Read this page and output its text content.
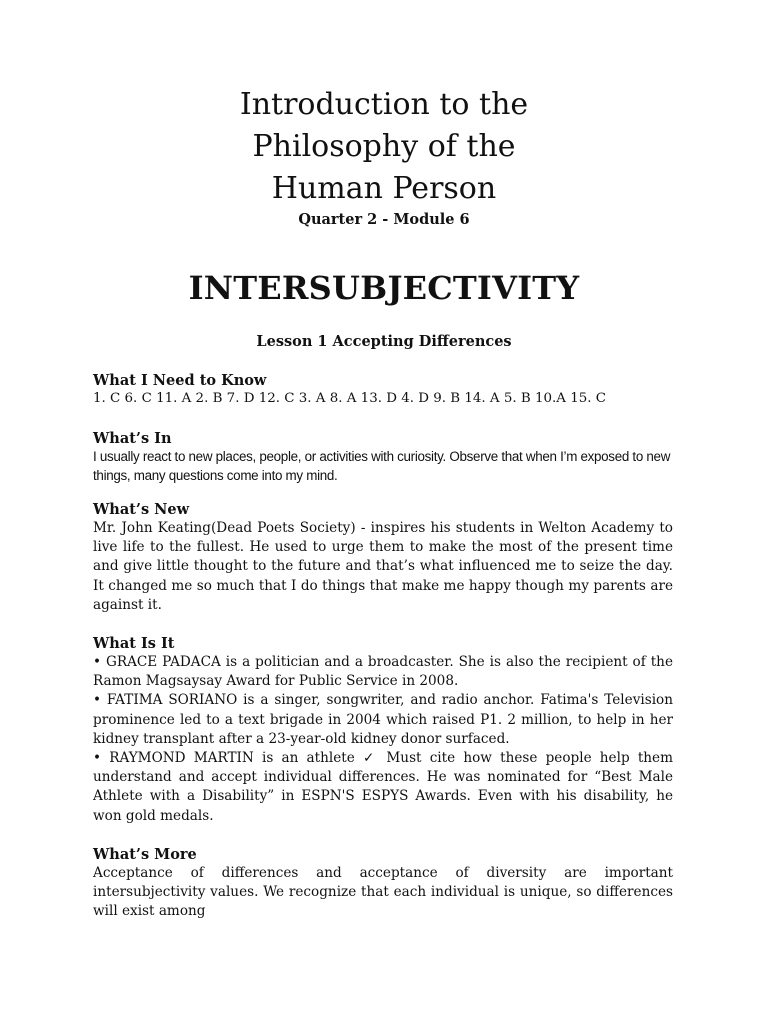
Introduction to the
Philosophy of the
Human Person
Quarter 2 - Module 6
INTERSUBJECTIVITY
Lesson 1 Accepting Differences

What I Need to Know

1. C 6. C 11. A 2. B 7. D 12. C 3. A 8. A 13. D 4. D 9. B 14. A 5. B 10.A 15. C

What’s In

I usually react to new places, people, or activities with curiosity. Observe that when I’m exposed to new things, many questions come into my mind.

What’s New

Mr. John Keating(Dead Poets Society) - inspires his students in Welton Academy to live life to the fullest. He used to urge them to make the most of the present time and give little thought to the future and that’s what influenced me to seize the day. It changed me so much that I do things that make me happy though my parents are against it.

What Is It

• GRACE PADACA is a politician and a broadcaster. She is also the recipient of the Ramon Magsaysay Award for Public Service in 2008.

• FATIMA SORIANO is a singer, songwriter, and radio anchor. Fatima's Television prominence led to a text brigade in 2004 which raised P1. 2 million, to help in her kidney transplant after a 23-year-old kidney donor surfaced.

• RAYMOND MARTIN is an athlete ✓ Must cite how these people help them understand and accept individual differences. He was nominated for “Best Male Athlete with a Disability” in ESPN'S ESPYS Awards. Even with his disability, he won gold medals.

What’s More

Acceptance of differences and acceptance of diversity are important intersubjectivity values. We recognize that each individual is unique, so differences will exist among
